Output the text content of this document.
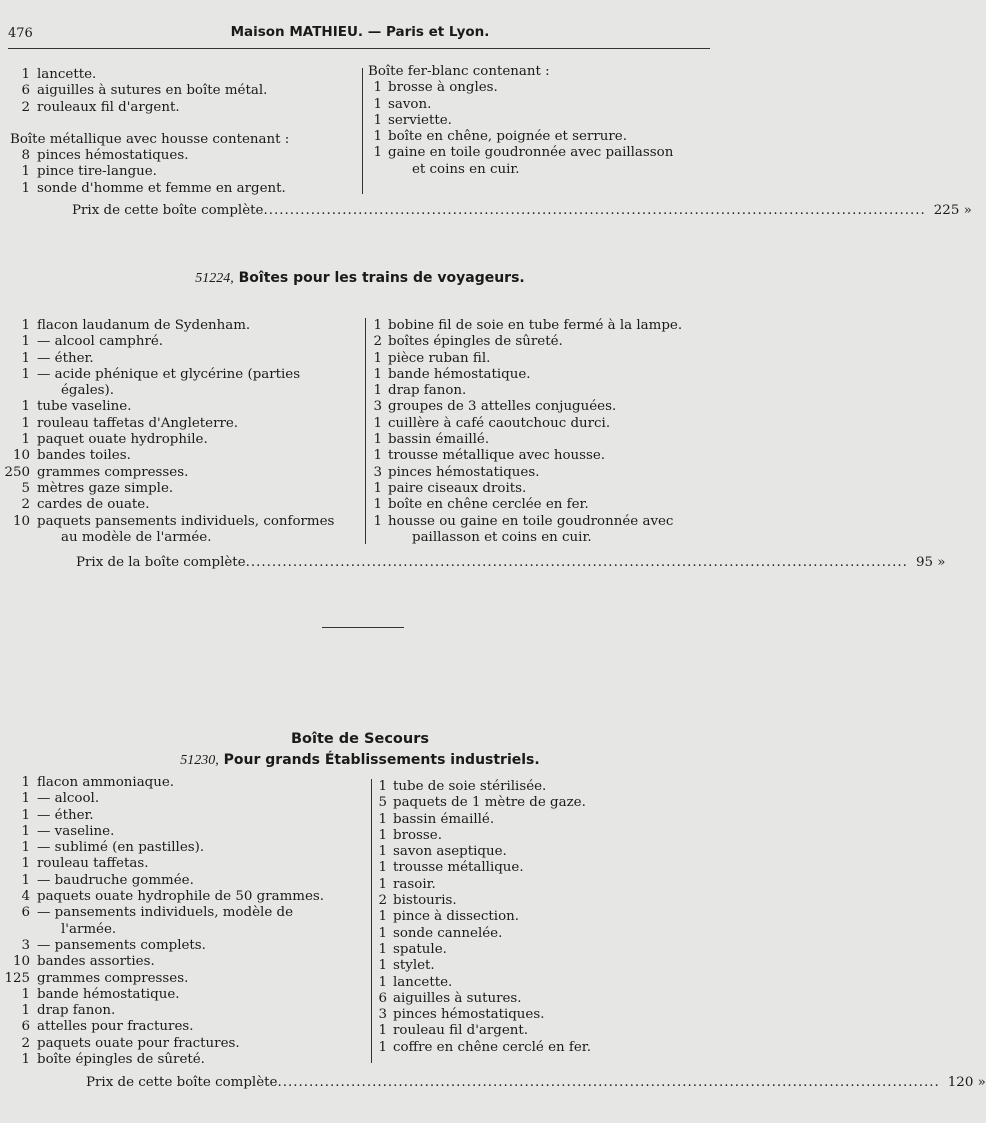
476	Maison MATHIEU. — Paris et Lyon.
1 lancette.
6 aiguilles à sutures en boîte métal.
2 rouleaux fil d'argent.
Boîte métallique avec housse contenant :
8 pinces hémostatiques.
1 pince tire-langue.
1 sonde d'homme et femme en argent.
Boîte fer-blanc contenant :
1 brosse à ongles.
1 savon.
1 serviette.
1 boîte en chêne, poignée et serrure.
1 gaine en toile goudronnée avec paillasson
et coins en cuir.
Prix de cette boîte complète .............................................................................................................................. 225 »
51224, Boîtes pour les trains de voyageurs.
1 flacon laudanum de Sydenham.
1 — alcool camphré.
1 — éther.
1 — acide phénique et glycérine (parties
égales).
1 tube vaseline.
1 rouleau taffetas d'Angleterre.
1 paquet ouate hydrophile.
10 bandes toiles.
250 grammes compresses.
5 mètres gaze simple.
2 cardes de ouate.
10 paquets pansements individuels, conformes
au modèle de l'armée.
1 bobine fil de soie en tube fermé à la lampe.
2 boîtes épingles de sûreté.
1 pièce ruban fil.
1 bande hémostatique.
1 drap fanon.
3 groupes de 3 attelles conjuguées.
1 cuillère à café caoutchouc durci.
1 bassin émaillé.
1 trousse métallique avec housse.
3 pinces hémostatiques.
1 paire ciseaux droits.
1 boîte en chêne cerclée en fer.
1 housse ou gaine en toile goudronnée avec
paillasson et coins en cuir.
Prix de la boîte complète .............................................................................................................................. 95 »
Boîte de Secours
51230, Pour grands Établissements industriels.
1 flacon ammoniaque.
1 — alcool.
1 — éther.
1 — vaseline.
1 — sublimé (en pastilles).
1 rouleau taffetas.
1 — baudruche gommée.
4 paquets ouate hydrophile de 50 grammes.
6 — pansements individuels, modèle de
l'armée.
3 — pansements complets.
10 bandes assorties.
125 grammes compresses.
1 bande hémostatique.
1 drap fanon.
6 attelles pour fractures.
2 paquets ouate pour fractures.
1 boîte épingles de sûreté.
1 tube de soie stérilisée.
5 paquets de 1 mètre de gaze.
1 bassin émaillé.
1 brosse.
1 savon aseptique.
1 trousse métallique.
1 rasoir.
2 bistouris.
1 pince à dissection.
1 sonde cannelée.
1 spatule.
1 stylet.
1 lancette.
6 aiguilles à sutures.
3 pinces hémostatiques.
1 rouleau fil d'argent.
1 coffre en chêne cerclé en fer.
Prix de cette boîte complète .............................................................................................................................. 120 »
